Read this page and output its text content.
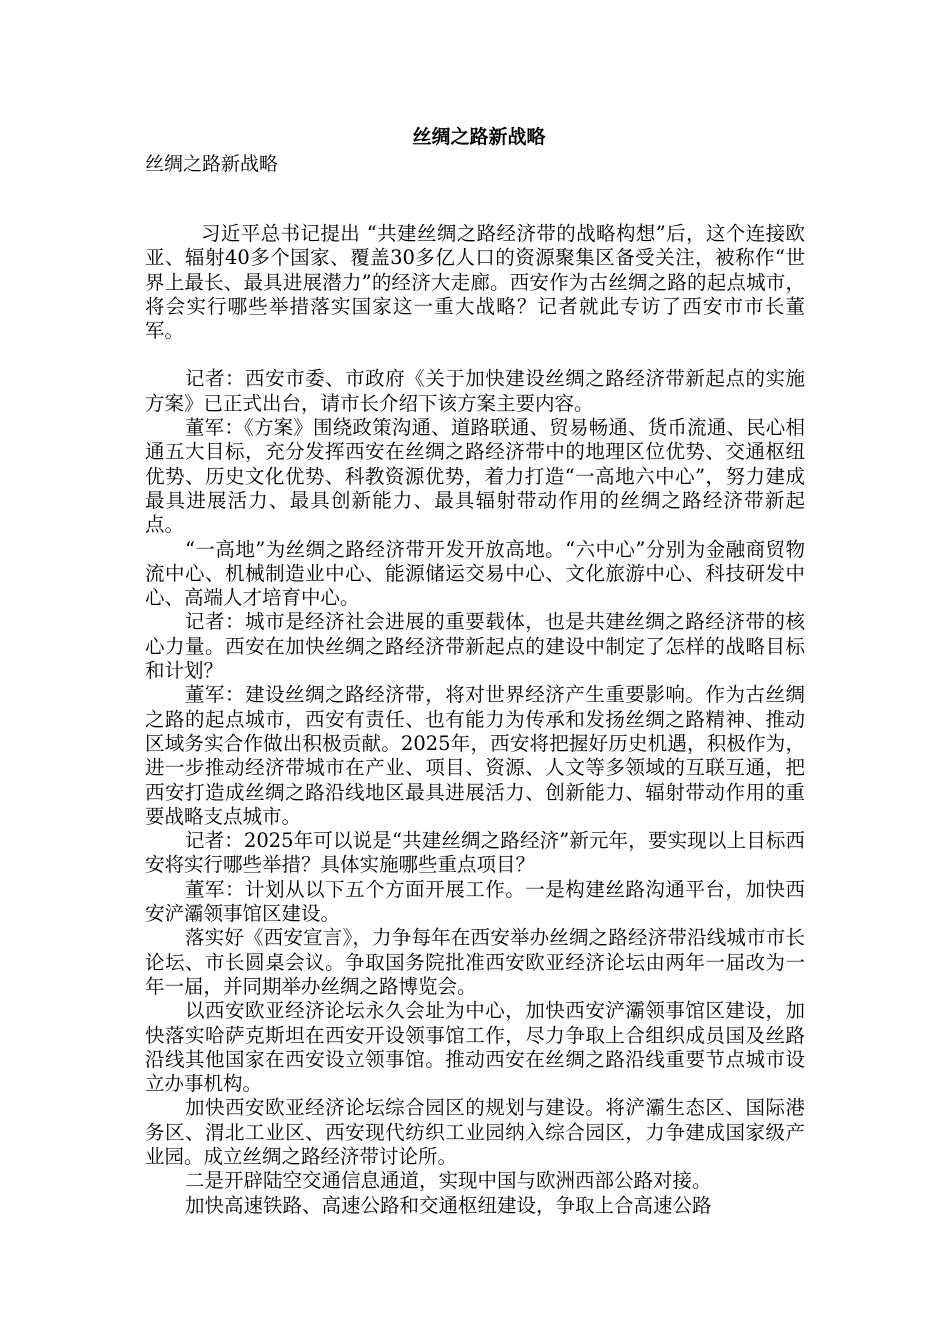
丝绸之路新战略

丝绸之路新战略

习近平总书记提出 “共建丝绸之路经济带的战略构想”后，这个连接欧亚、辐射40多个国家、覆盖30多亿人口的资源聚集区备受关注，被称作“世界上最长、最具进展潜力”的经济大走廊。西安作为古丝绸之路的起点城市，将会实行哪些举措落实国家这一重大战略？记者就此专访了西安市市长董军。

记者：西安市委、市政府《关于加快建设丝绸之路经济带新起点的实施方案》已正式出台，请市长介绍下该方案主要内容。

董军：《方案》围绕政策沟通、道路联通、贸易畅通、货币流通、民心相通五大目标，充分发挥西安在丝绸之路经济带中的地理区位优势、交通枢纽优势、历史文化优势、科教资源优势，着力打造“一高地六中心”，努力建成最具进展活力、最具创新能力、最具辐射带动作用的丝绸之路经济带新起点。

“一高地”为丝绸之路经济带开发开放高地。“六中心”分别为金融商贸物流中心、机械制造业中心、能源储运交易中心、文化旅游中心、科技研发中心、高端人才培育中心。

记者：城市是经济社会进展的重要载体，也是共建丝绸之路经济带的核心力量。西安在加快丝绸之路经济带新起点的建设中制定了怎样的战略目标和计划？

董军：建设丝绸之路经济带，将对世界经济产生重要影响。作为古丝绸之路的起点城市，西安有责任、也有能力为传承和发扬丝绸之路精神、推动区域务实合作做出积极贡献。2025年，西安将把握好历史机遇，积极作为，进一步推动经济带城市在产业、项目、资源、人文等多领域的互联互通，把西安打造成丝绸之路沿线地区最具进展活力、创新能力、辐射带动作用的重要战略支点城市。

记者：2025年可以说是“共建丝绸之路经济”新元年，要实现以上目标西安将实行哪些举措？具体实施哪些重点项目？

董军：计划从以下五个方面开展工作。一是构建丝路沟通平台，加快西安浐灞领事馆区建设。

落实好《西安宣言》，力争每年在西安举办丝绸之路经济带沿线城市市长论坛、市长圆桌会议。争取国务院批准西安欧亚经济论坛由两年一届改为一年一届，并同期举办丝绸之路博览会。

以西安欧亚经济论坛永久会址为中心，加快西安浐灞领事馆区建设，加快落实哈萨克斯坦在西安开设领事馆工作，尽力争取上合组织成员国及丝路沿线其他国家在西安设立领事馆。推动西安在丝绸之路沿线重要节点城市设立办事机构。

加快西安欧亚经济论坛综合园区的规划与建设。将浐灞生态区、国际港务区、渭北工业区、西安现代纺织工业园纳入综合园区，力争建成国家级产业园。成立丝绸之路经济带讨论所。

二是开辟陆空交通信息通道，实现中国与欧洲西部公路对接。

加快高速铁路、高速公路和交通枢纽建设，争取上合高速公路
